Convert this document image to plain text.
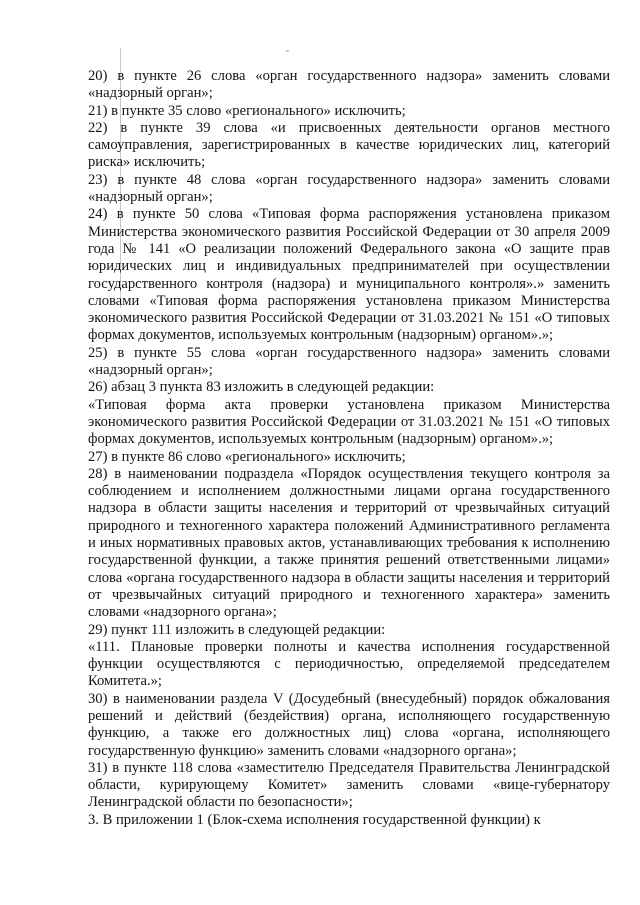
20) в пункте 26 слова «орган государственного надзора» заменить словами «надзорный орган»;

21) в пункте 35 слово «регионального» исключить;

22) в пункте 39 слова «и присвоенных деятельности органов местного самоуправления, зарегистрированных в качестве юридических лиц, категорий риска» исключить;

23) в пункте 48 слова «орган государственного надзора» заменить словами «надзорный орган»;

24) в пункте 50 слова «Типовая форма распоряжения установлена приказом Министерства экономического развития Российской Федерации от 30 апреля 2009 года № 141 «О реализации положений Федерального закона «О защите прав юридических лиц и индивидуальных предпринимателей при осуществлении государственного контроля (надзора) и муниципального контроля».» заменить словами «Типовая форма распоряжения установлена приказом Министерства экономического развития Российской Федерации от 31.03.2021 № 151 «О типовых формах документов, используемых контрольным (надзорным) органом».»;

25) в пункте 55 слова «орган государственного надзора» заменить словами «надзорный орган»;

26) абзац 3 пункта 83 изложить в следующей редакции:

«Типовая форма акта проверки установлена приказом Министерства экономического развития Российской Федерации от 31.03.2021 № 151 «О типовых формах документов, используемых контрольным (надзорным) органом».»;

27) в пункте 86 слово «регионального» исключить;

28) в наименовании подраздела «Порядок осуществления текущего контроля за соблюдением и исполнением должностными лицами органа государственного надзора в области защиты населения и территорий от чрезвычайных ситуаций природного и техногенного характера положений Административного регламента и иных нормативных правовых актов, устанавливающих требования к исполнению государственной функции, а также принятия решений ответственными лицами» слова «органа государственного надзора в области защиты населения и территорий от чрезвычайных ситуаций природного и техногенного характера» заменить словами «надзорного органа»;

29) пункт 111 изложить в следующей редакции:

«111. Плановые проверки полноты и качества исполнения государственной функции осуществляются с периодичностью, определяемой председателем Комитета.»;

30) в наименовании раздела V (Досудебный (внесудебный) порядок обжалования решений и действий (бездействия) органа, исполняющего государственную функцию, а также его должностных лиц) слова «органа, исполняющего государственную функцию» заменить словами «надзорного органа»;

31) в пункте 118 слова «заместителю Председателя Правительства Ленинградской области, курирующему Комитет» заменить словами «вице-губернатору Ленинградской области по безопасности»;

3. В приложении 1 (Блок-схема исполнения государственной функции) к
